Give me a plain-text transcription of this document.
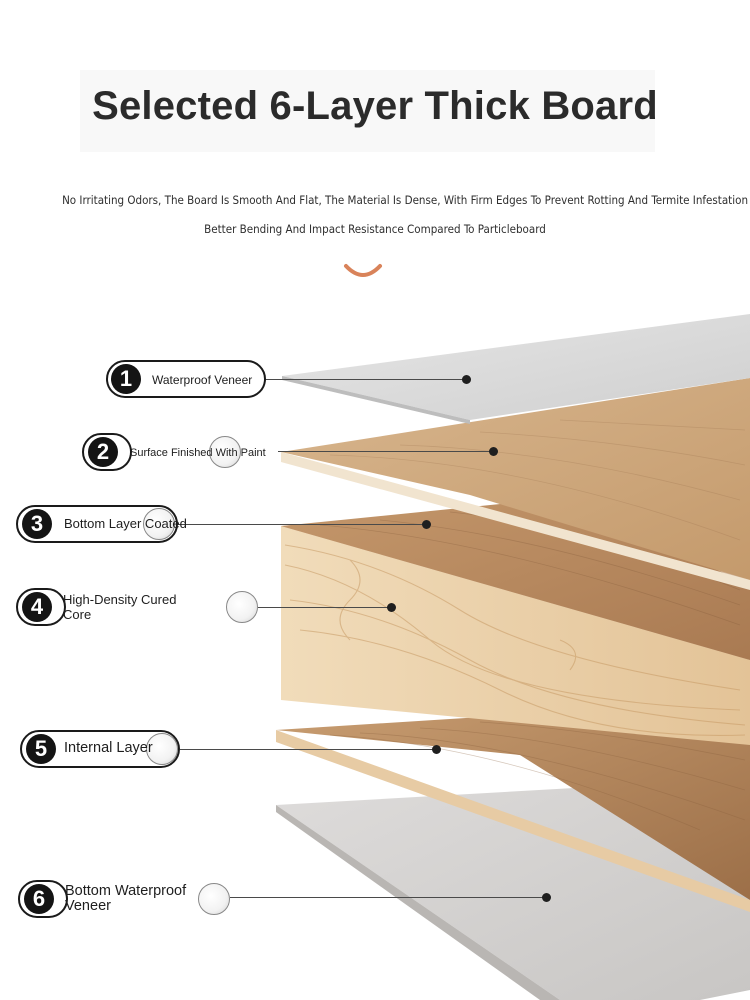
Selected 6-Layer Thick Board
No Irritating Odors, The Board Is Smooth And Flat, The Material Is Dense, With Firm Edges To Prevent Rotting And Termite Infestation
Better Bending And Impact Resistance Compared To Particleboard
1	Waterproof Veneer
2	Surface Finished With Paint
3	Bottom Layer Coated
4	High-Density Cured Core
5	Internal Layer
6	Bottom Waterproof Veneer
